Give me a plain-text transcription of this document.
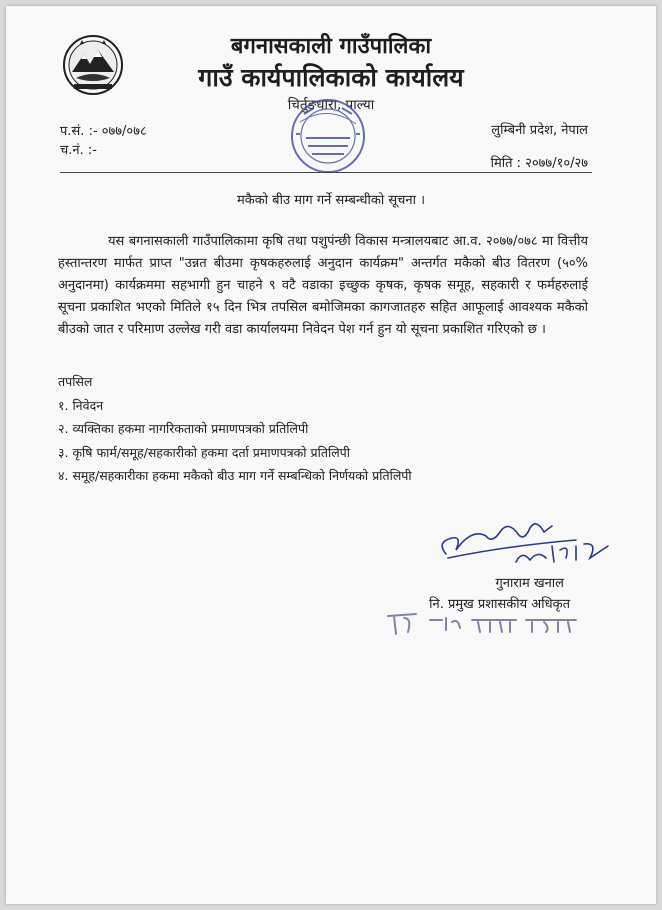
बगनासकाली गाउँपालिका
गाउँ कार्यपालिकाको कार्यालय
चिर्तुङधारा, पाल्या
प.सं. :- ०७७/०७८
च.नं. :-
लुम्बिनी प्रदेश, नेपाल
मिति : २०७७/१०/२७
मकैको बीउ माग गर्ने सम्बन्धीको सूचना ।
यस बगनासकाली गाउँपालिकामा कृषि तथा पशुपंन्छी विकास मन्त्रालयबाट आ.व. २०७७/०७८ मा वित्तीय हस्तान्तरण मार्फत प्राप्त "उन्नत बीउमा कृषकहरुलाई अनुदान कार्यक्रम" अन्तर्गत मकैको बीउ वितरण (५०% अनुदानमा) कार्यक्रममा सहभागी हुन चाहने ९ वटै वडाका इच्छुक कृषक, कृषक समूह, सहकारी र फर्महरुलाई सूचना प्रकाशित भएको मितिले १५ दिन भित्र तपसिल बमोजिमका कागजातहरु सहित आफूलाई आवश्यक मकैको बीउको जात र परिमाण उल्लेख गरी वडा कार्यालयमा निवेदन पेश गर्न हुन यो सूचना प्रकाशित गरिएको छ ।
तपसिल
१. निवेदन
२. व्यक्तिका हकमा नागरिकताको प्रमाणपत्रको प्रतिलिपी
३. कृषि फार्म/समूह/सहकारीको हकमा दर्ता प्रमाणपत्रको प्रतिलिपी
४. समूह/सहकारीका हकमा मकैको बीउ माग गर्ने सम्बन्धिको निर्णयको प्रतिलिपी
गुनाराम खनाल
नि. प्रमुख प्रशासकीय अधिकृत
